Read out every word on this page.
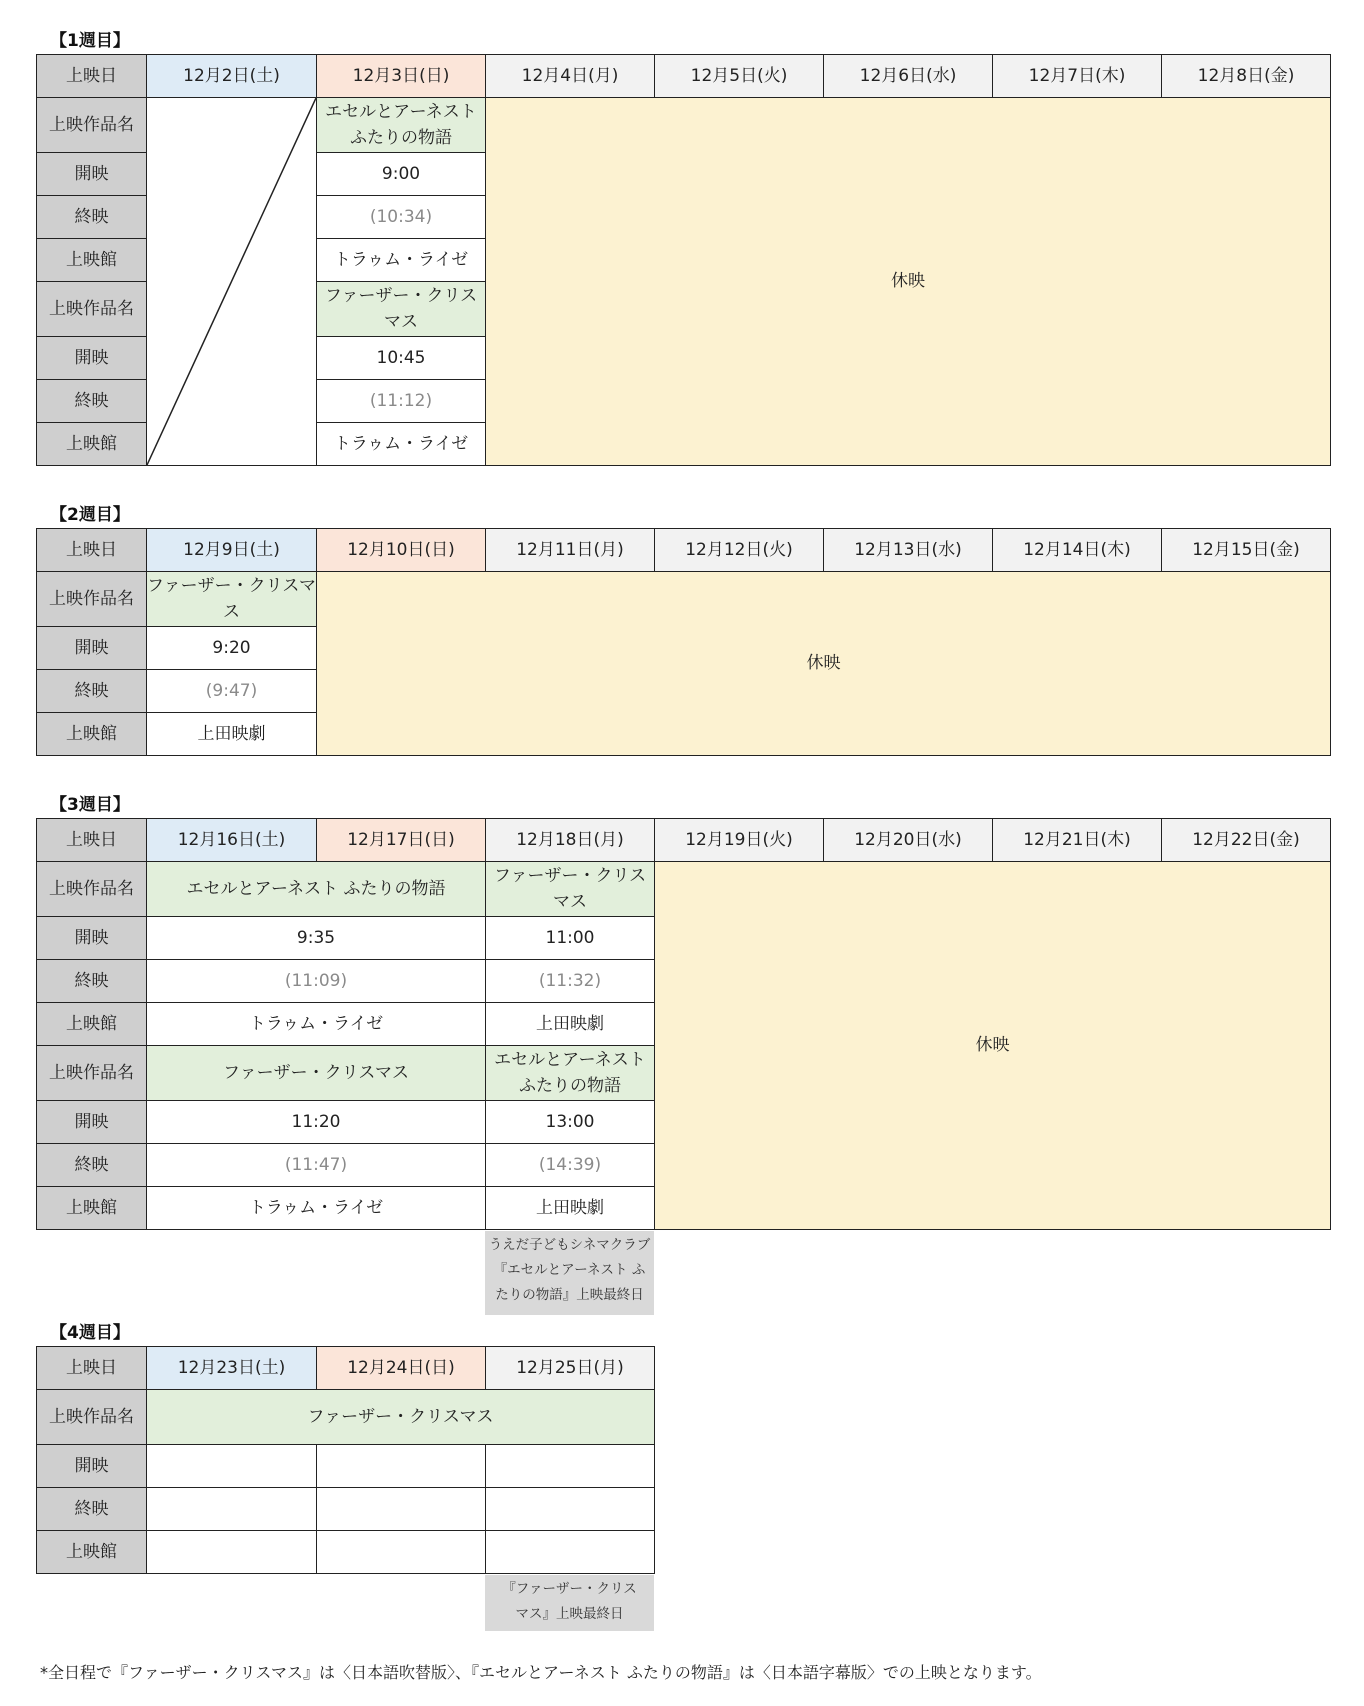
【1週目】
上映日	12月2日(土)	12月3日(日)	12月4日(月)	12月5日(火)	12月6日(水)	12月7日(木)	12月8日(金)
上映作品名		エセルとアーネスト ふたりの物語	休映				
開映		9:00					
終映		(10:34)					
上映館		トラゥム・ライゼ					
上映作品名		ファーザー・クリスマス					
開映		10:45					
終映		(11:12)					
上映館		トラゥム・ライゼ					
【2週目】
上映日	12月9日(土)	12月10日(日)	12月11日(月)	12月12日(火)	12月13日(水)	12月14日(木)	12月15日(金)
上映作品名	ファーザー・クリスマス	休映					
開映	9:20						
終映	(9:47)						
上映館	上田映劇						
【3週目】
上映日	12月16日(土)	12月17日(日)	12月18日(月)	12月19日(火)	12月20日(水)	12月21日(木)	12月22日(金)
上映作品名	エセルとアーネスト ふたりの物語		ファーザー・クリスマス	休映			
開映	9:35		11:00				
終映	(11:09)		(11:32)				
上映館	トラゥム・ライゼ		上田映劇				
上映作品名	ファーザー・クリスマス		エセルとアーネスト ふたりの物語				
開映	11:20		13:00				
終映	(11:47)		(14:39)				
上映館	トラゥム・ライゼ		上田映劇				
うえだ子どもシネマクラブ
『エセルとアーネスト ふ
たりの物語』上映最終日
【4週目】
上映日	12月23日(土)	12月24日(日)	12月25日(月)
上映作品名	ファーザー・クリスマス		
開映			
終映			
上映館			
『ファーザー・クリス
マス』上映最終日
*全日程で『ファーザー・クリスマス』は〈日本語吹替版〉、『エセルとアーネスト ふたりの物語』は〈日本語字幕版〉での上映となります。
